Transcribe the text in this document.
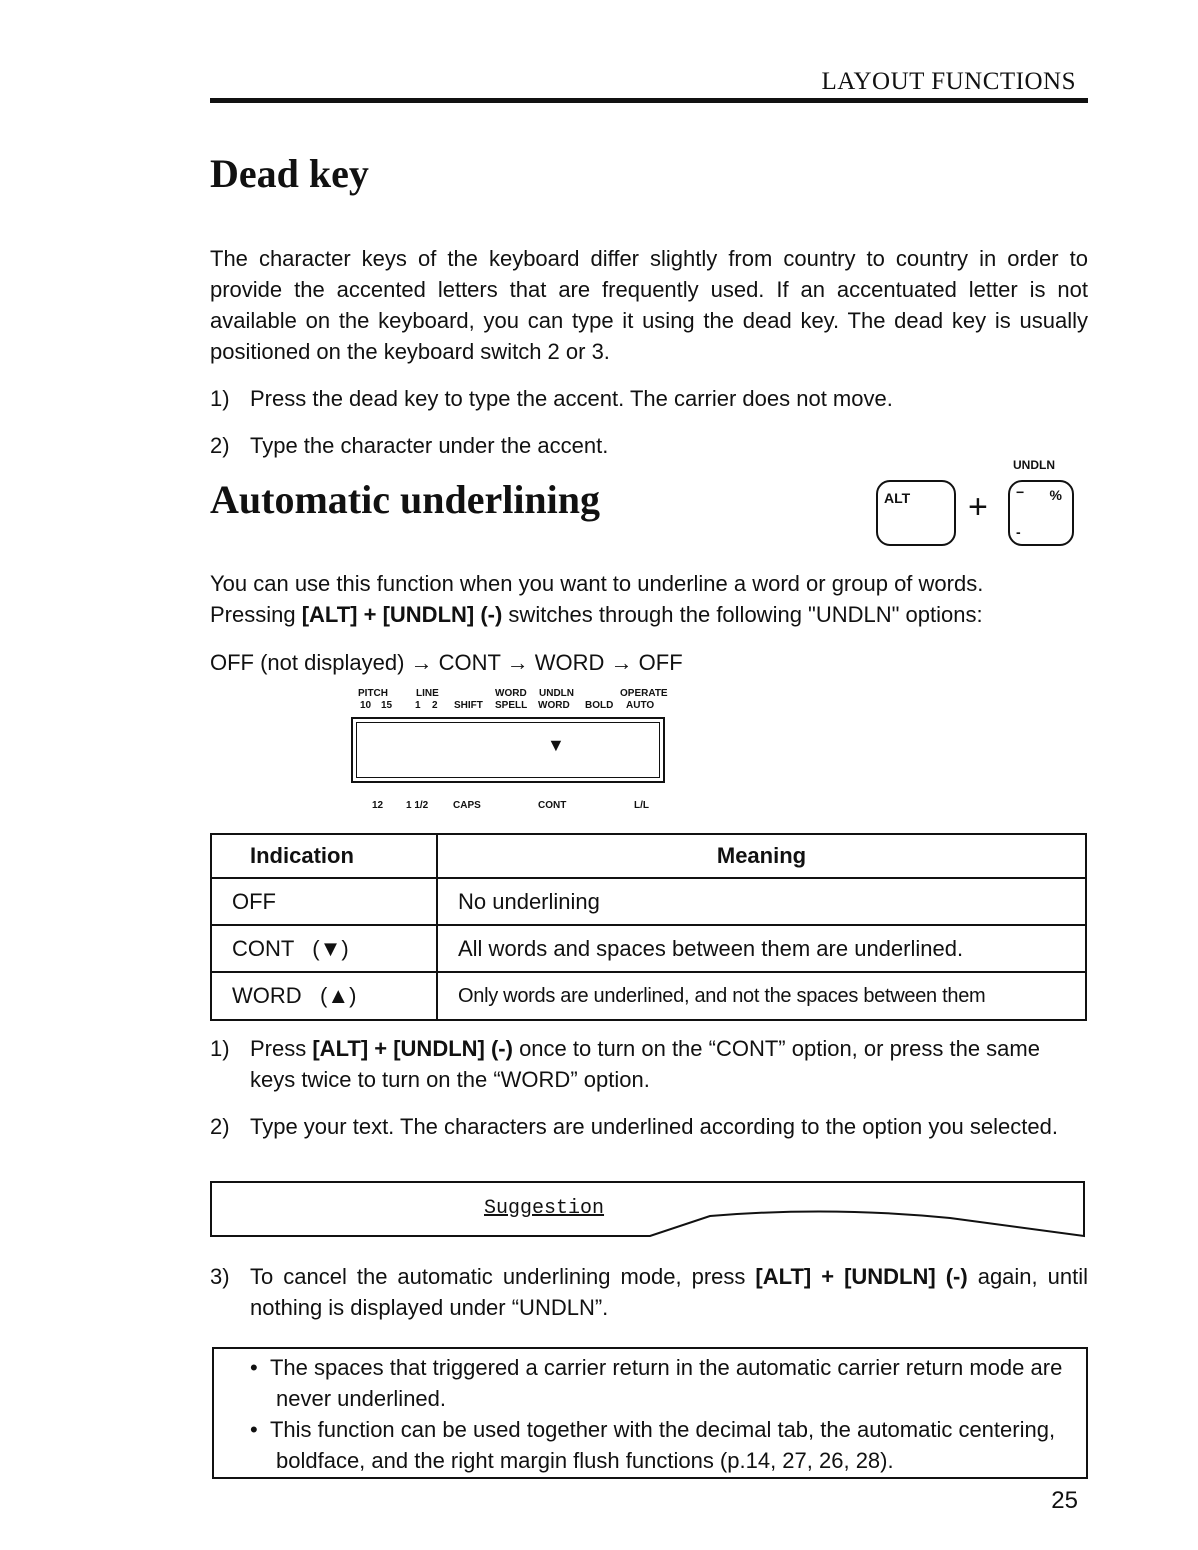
LAYOUT FUNCTIONS
Dead key
The character keys of the keyboard differ slightly from country to country in order to provide the accented letters that are frequently used. If an accentuated letter is not available on the keyboard, you can type it using the dead key. The dead key is usually positioned on the keyboard switch 2 or 3.
1) Press the dead key to type the accent. The carrier does not move.
2) Type the character under the accent.
Automatic underlining	ALT +
UNDLN
− %
-
You can use this function when you want to underline a word or group of words.
Pressing [ALT] + [UNDLN] (-) switches through the following "UNDLN" options:
OFF (not displayed) → CONT → WORD → OFF
PITCH	LINE	WORD UNDLN	OPERATE
10 15 1 2 SHIFT SPELL WORD BOLD AUTO
▼
12 1 1/2 CAPS	CONT	L/L
Indication	Meaning
OFF	No underlining
CONT   (▼)	All words and spaces between them are underlined.
WORD   (▲)	Only words are underlined, and not the spaces between them
1) Press [ALT] + [UNDLN] (-) once to turn on the “CONT” option, or press the same keys twice to turn on the “WORD” option.
2) Type your text. The characters are underlined according to the option you selected.
Suggestion
3) To cancel the automatic underlining mode, press [ALT] + [UNDLN] (-) again, until nothing is displayed under “UNDLN”.
•  The spaces that triggered a carrier return in the automatic carrier return mode are never underlined.
•  This function can be used together with the decimal tab, the automatic centering, boldface, and the right margin flush functions (p.14, 27, 26, 28).
25
